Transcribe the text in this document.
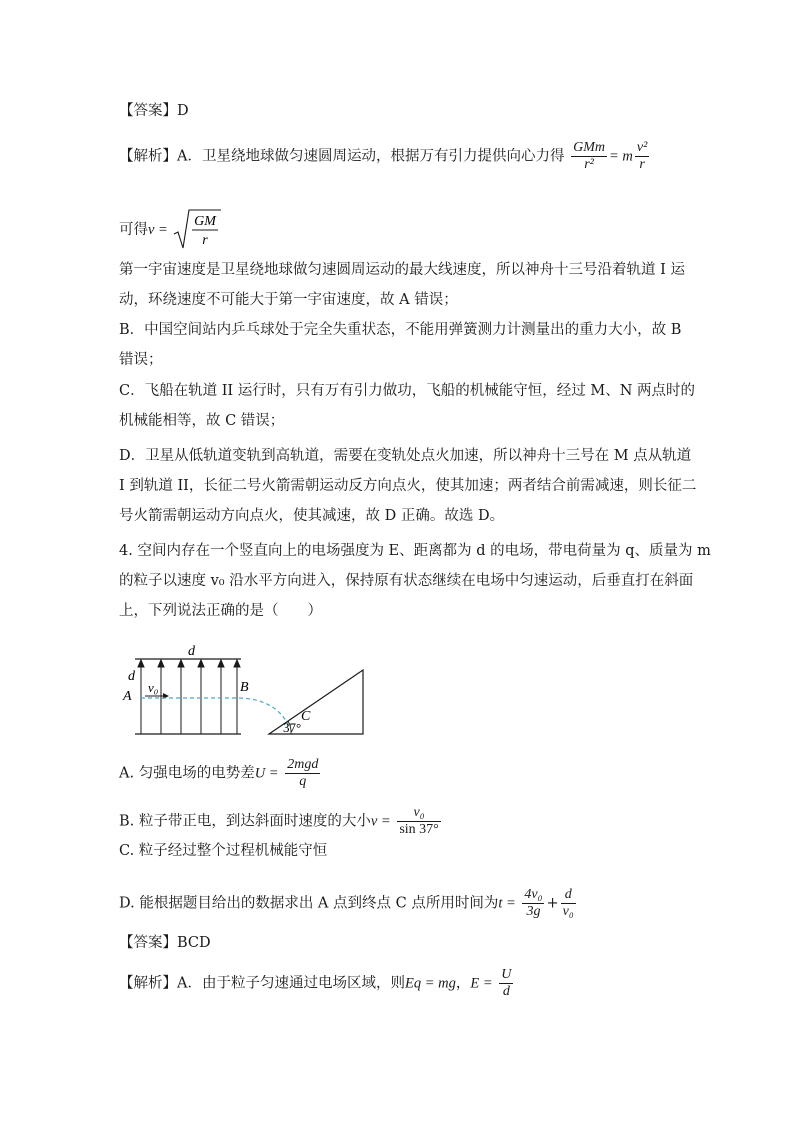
【答案】D
【解析】A．卫星绕地球做匀速圆周运动，根据万有引力提供向心力得 $\frac{\text{GMm}}{\text{r²}} = m \frac{\text{v²}}{r}$
可得v =
GM
r
第一宇宙速度是卫星绕地球做匀速圆周运动的最大线速度，所以神舟十三号沿着轨道 I 运
动，环绕速度不可能大于第一宇宙速度，故 A 错误；
B．中国空间站内乒乓球处于完全失重状态，不能用弹簧测力计测量出的重力大小，故 B
错误；
C．飞船在轨道 II 运行时，只有万有引力做功，飞船的机械能守恒，经过 M、N 两点时的
机械能相等，故 C 错误；
D．卫星从低轨道变轨到高轨道，需要在变轨处点火加速，所以神舟十三号在 M 点从轨道
I 到轨道 II，长征二号火箭需朝运动反方向点火，使其加速；两者结合前需减速，则长征二
号火箭需朝运动方向点火，使其减速，故 D 正确。故选 D。
4. 空间内存在一个竖直向上的电场强度为 E、距离都为 d 的电场，带电荷量为 q、质量为 m
的粒子以速度 v₀ 沿水平方向进入，保持原有状态继续在电场中匀速运动，后垂直打在斜面
上，下列说法正确的是（　　）
d
d
A
v₀	B
C
37°
A. 匀强电场的电势差$U = \frac{\text{2mgd}}{q}$
B. 粒子带正电，到达斜面时速度的大小$v = \frac{\text{v₀}}{\sin 37^\circ}$
C. 粒子经过整个过程机械能守恒
D. 能根据题目给出的数据求出 A 点到终点 C 点所用时间为$t = \frac{\text{4v₀}}{3g} + \frac{d}{\text{v₀}}$
【答案】BCD
【解析】A．由于粒子匀速通过电场区域，则Eq = mg，$E = \frac{U}{d}$
